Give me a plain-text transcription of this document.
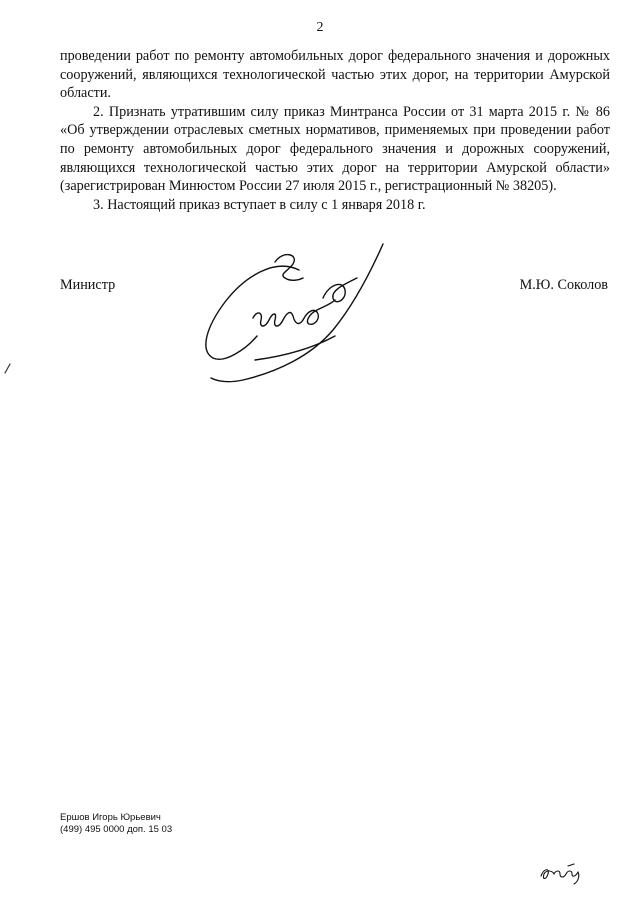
2

проведении работ по ремонту автомобильных дорог федерального значения и дорожных сооружений, являющихся технологической частью этих дорог, на территории Амурской области.

2. Признать утратившим силу приказ Минтранса России от 31 марта 2015 г. № 86 «Об утверждении отраслевых сметных нормативов, применяемых при проведении работ по ремонту автомобильных дорог федерального значения и дорожных сооружений, являющихся технологической частью этих дорог на территории Амурской области» (зарегистрирован Минюстом России 27 июля 2015 г., регистрационный № 38205).

3. Настоящий приказ вступает в силу с 1 января 2018 г.

Министр	М.Ю. Соколов
Ершов Игорь Юрьевич
(499) 495 0000 доп. 15 03
